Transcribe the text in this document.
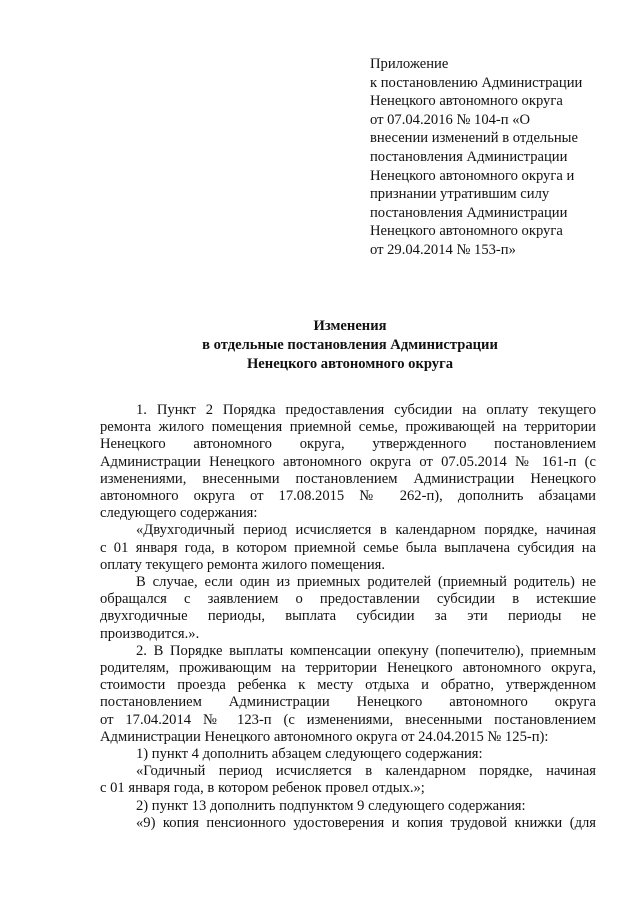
Приложение
к постановлению Администрации
Ненецкого автономного округа
от 07.04.2016 № 104-п «О
внесении изменений в отдельные
постановления Администрации
Ненецкого автономного округа и
признании утратившим силу
постановления Администрации
Ненецкого автономного округа
от 29.04.2014 № 153-п»
Изменения
в отдельные постановления Администрации
Ненецкого автономного округа
1. Пункт 2 Порядка предоставления субсидии на оплату текущего
ремонта жилого помещения приемной семье, проживающей на территории
Ненецкого автономного округа, утвержденного постановлением
Администрации Ненецкого автономного округа от 07.05.2014 № 161-п (с
изменениями, внесенными постановлением Администрации Ненецкого
автономного округа от 17.08.2015 № 262-п), дополнить абзацами
следующего содержания:
«Двухгодичный период исчисляется в календарном порядке, начиная
с 01 января года, в котором приемной семье была выплачена субсидия на
оплату текущего ремонта жилого помещения.
В случае, если один из приемных родителей (приемный родитель) не
обращался с заявлением о предоставлении субсидии в истекшие
двухгодичные периоды, выплата субсидии за эти периоды не
производится.».
2. В Порядке выплаты компенсации опекуну (попечителю), приемным
родителям, проживающим на территории Ненецкого автономного округа,
стоимости проезда ребенка к месту отдыха и обратно, утвержденном
постановлением Администрации Ненецкого автономного округа
от 17.04.2014 № 123-п (с изменениями, внесенными постановлением
Администрации Ненецкого автономного округа от 24.04.2015 № 125-п):
1) пункт 4 дополнить абзацем следующего содержания:
«Годичный период исчисляется в календарном порядке, начиная
с 01 января года, в котором ребенок провел отдых.»;
2) пункт 13 дополнить подпунктом 9 следующего содержания:
«9) копия пенсионного удостоверения и копия трудовой книжки (для
